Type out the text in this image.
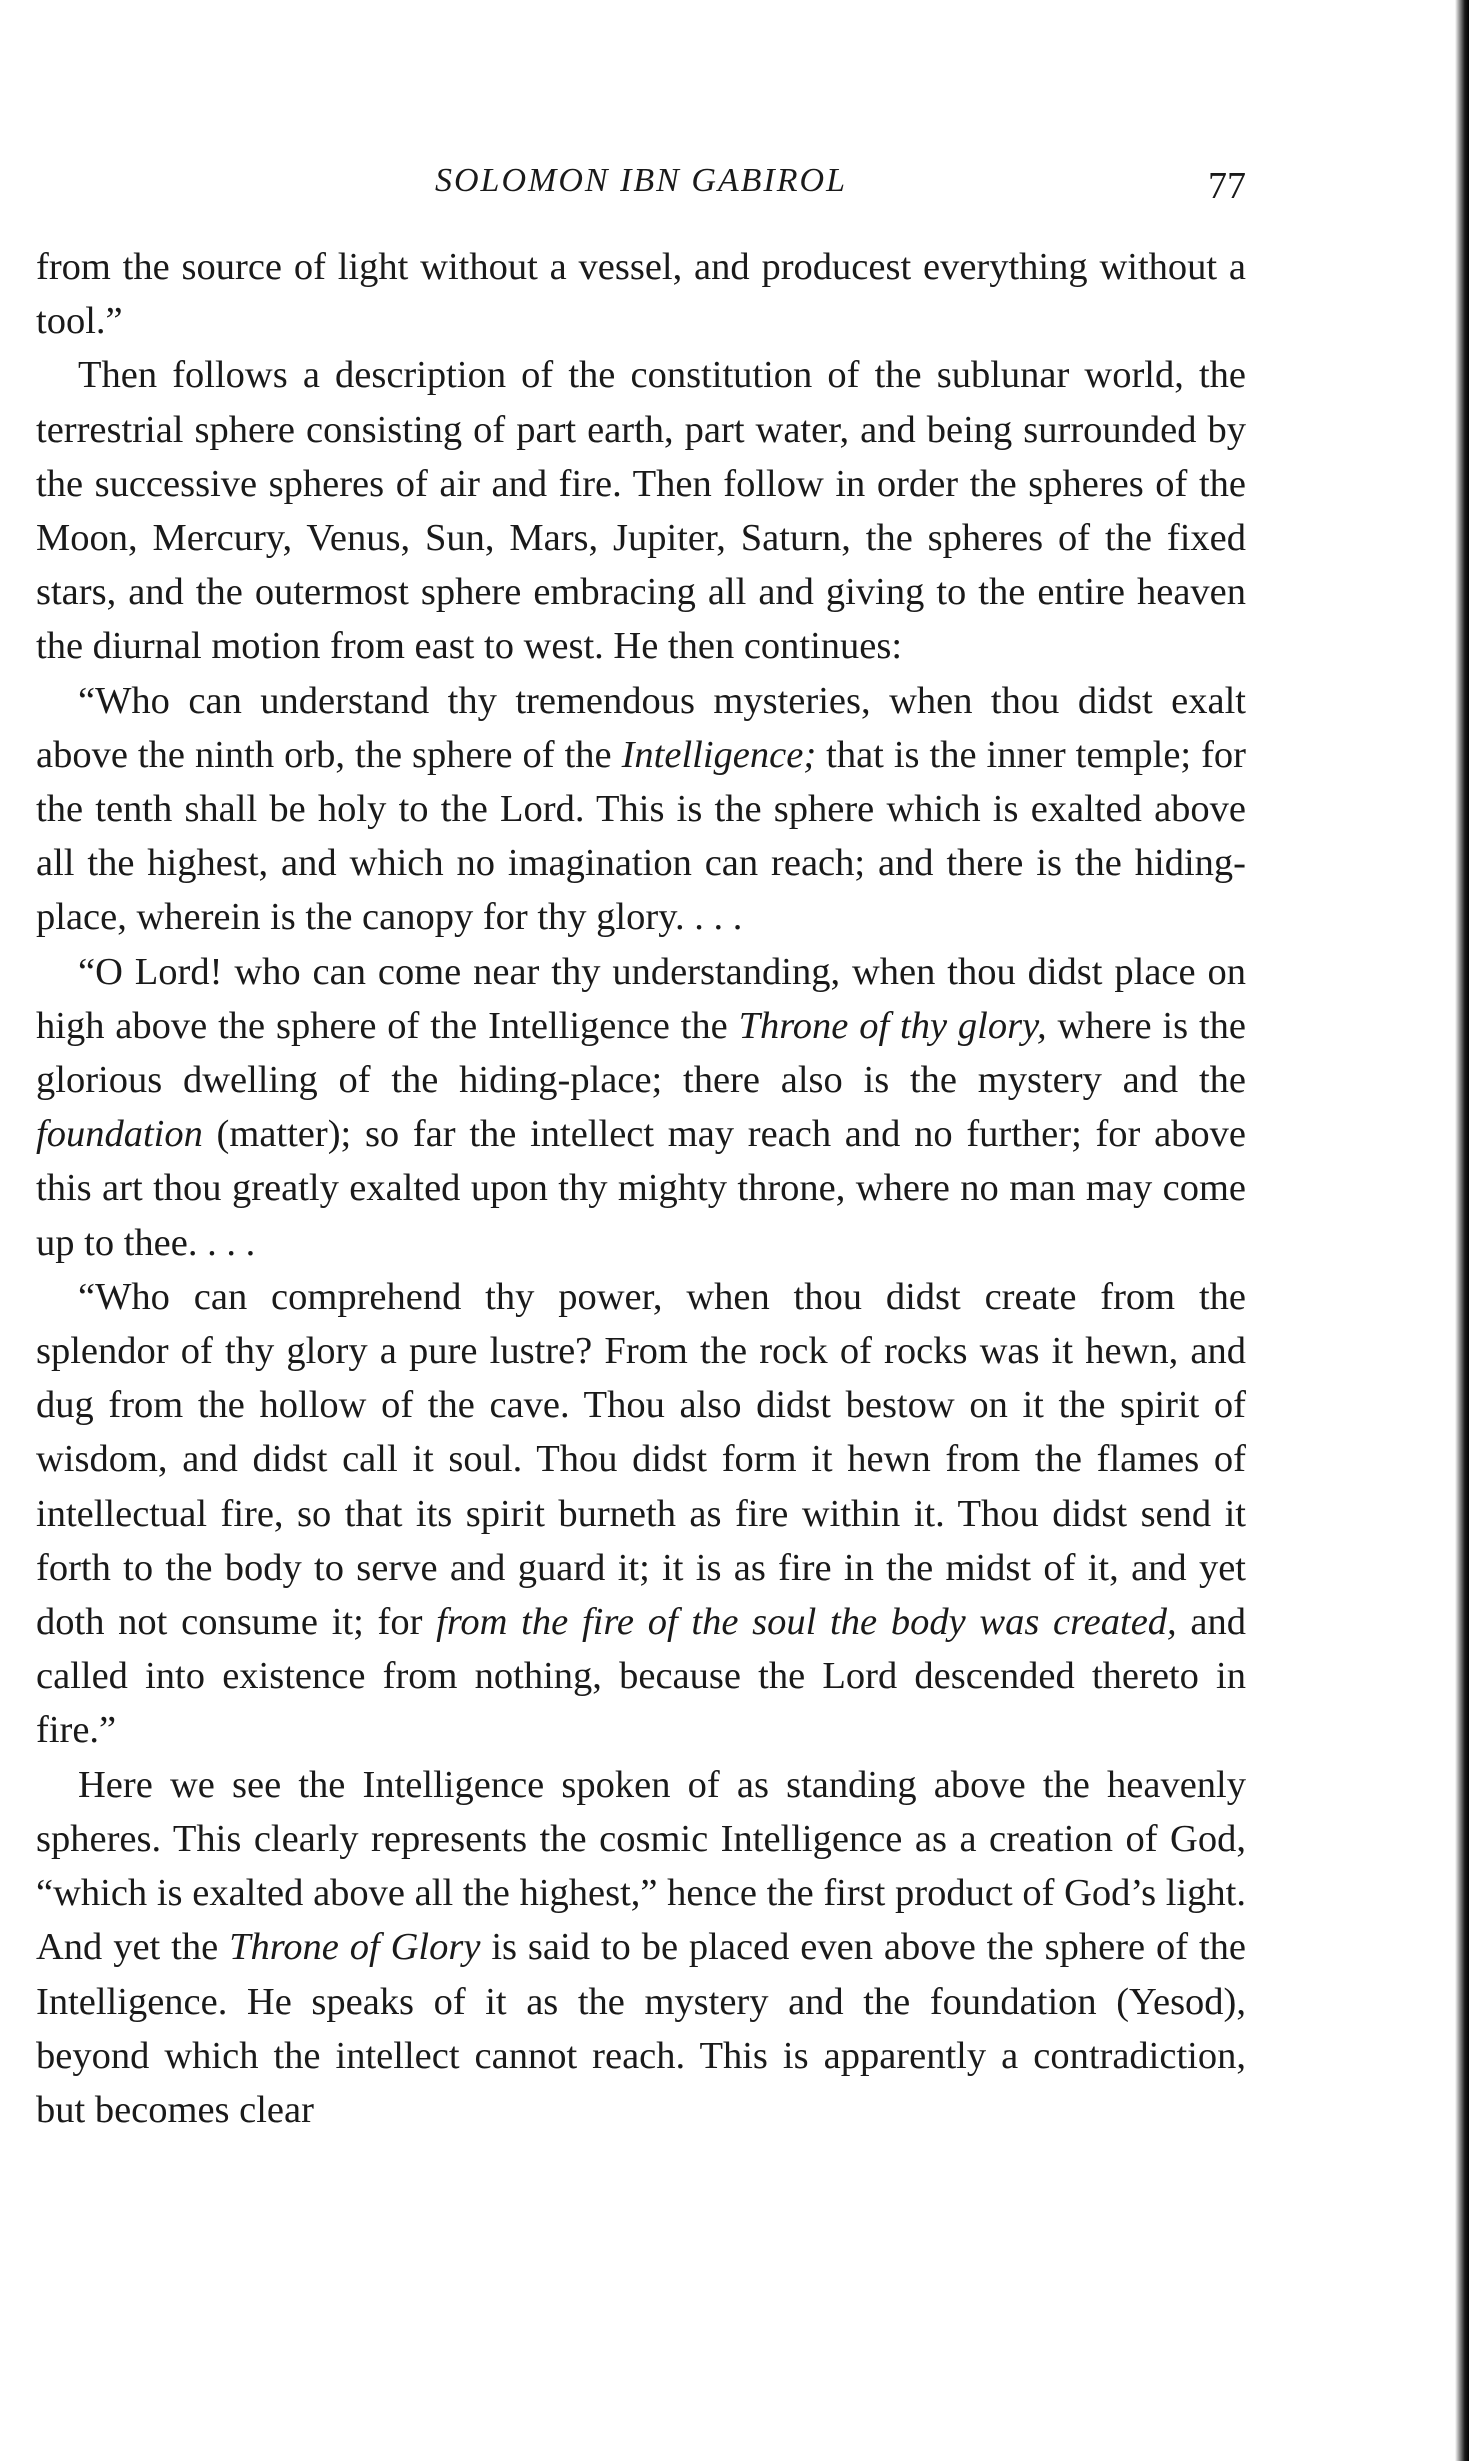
SOLOMON IBN GABIROL	77

from the source of light without a vessel, and producest everything without a tool.”

Then follows a description of the constitution of the sublunar world, the terrestrial sphere consisting of part earth, part water, and being surrounded by the successive spheres of air and fire. Then follow in order the spheres of the Moon, Mercury, Venus, Sun, Mars, Jupiter, Saturn, the spheres of the fixed stars, and the outermost sphere embracing all and giving to the entire heaven the diurnal motion from east to west. He then continues:

“Who can understand thy tremendous mysteries, when thou didst exalt above the ninth orb, the sphere of the Intelligence; that is the inner temple; for the tenth shall be holy to the Lord. This is the sphere which is exalted above all the highest, and which no imagination can reach; and there is the hiding-place, wherein is the canopy for thy glory. . . .

“O Lord! who can come near thy understanding, when thou didst place on high above the sphere of the Intelligence the Throne of thy glory, where is the glorious dwelling of the hiding-place; there also is the mystery and the foundation (matter); so far the intellect may reach and no further; for above this art thou greatly exalted upon thy mighty throne, where no man may come up to thee. . . .

“Who can comprehend thy power, when thou didst create from the splendor of thy glory a pure lustre? From the rock of rocks was it hewn, and dug from the hollow of the cave. Thou also didst bestow on it the spirit of wisdom, and didst call it soul. Thou didst form it hewn from the flames of intellectual fire, so that its spirit burneth as fire within it. Thou didst send it forth to the body to serve and guard it; it is as fire in the midst of it, and yet doth not consume it; for from the fire of the soul the body was created, and called into existence from nothing, because the Lord descended thereto in fire.”

Here we see the Intelligence spoken of as standing above the heavenly spheres. This clearly represents the cosmic Intelligence as a creation of God, “which is exalted above all the highest,” hence the first product of God’s light. And yet the Throne of Glory is said to be placed even above the sphere of the Intelligence. He speaks of it as the mystery and the foundation (Yesod), beyond which the intellect cannot reach. This is apparently a contradiction, but becomes clear
